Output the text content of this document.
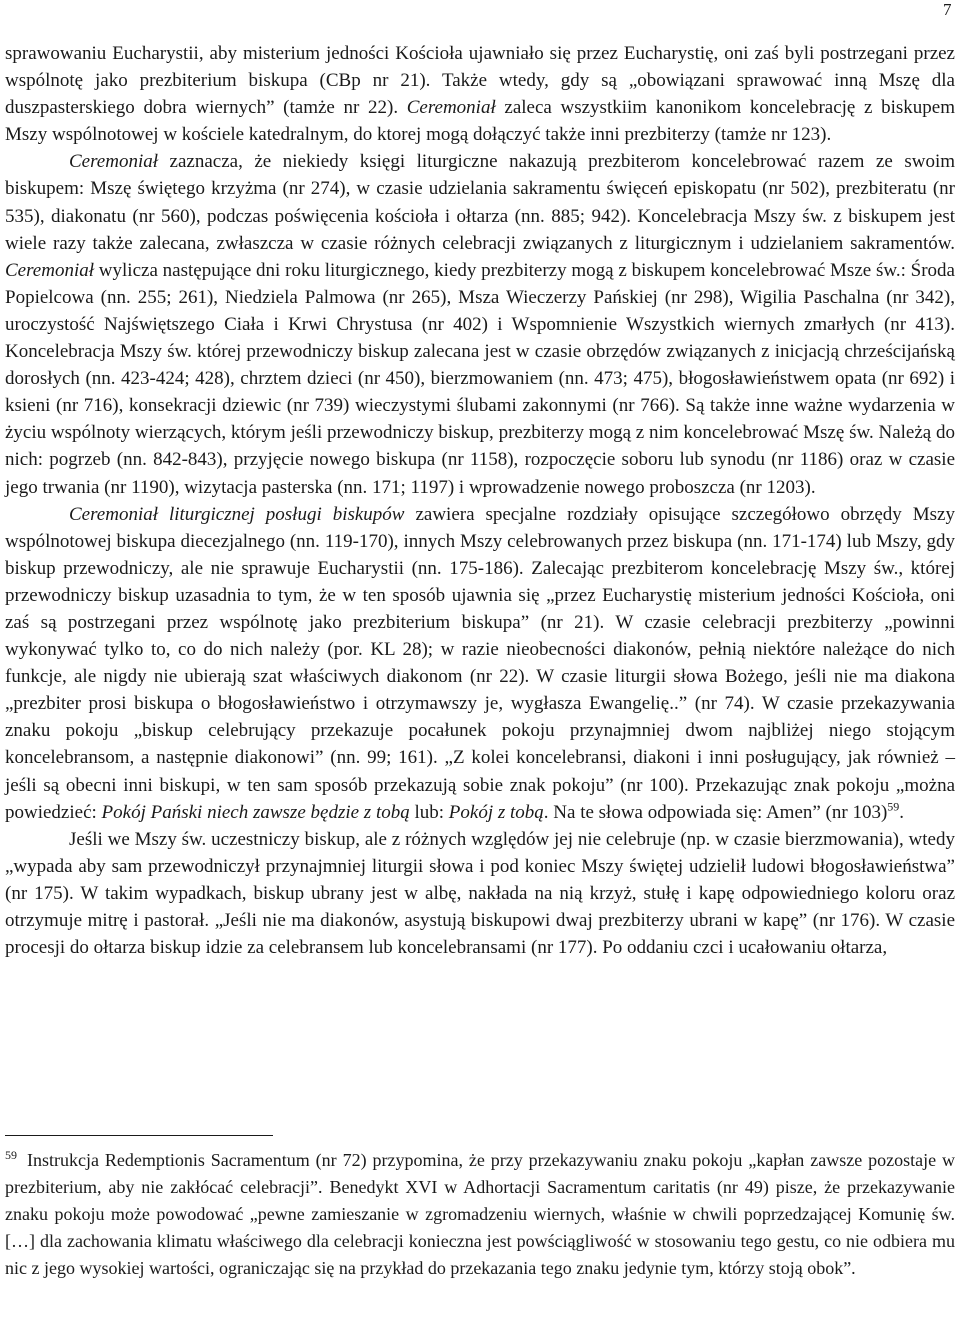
7

sprawowaniu Eucharystii, aby misterium jedności Kościoła ujawniało się przez Eucharystię, oni zaś byli postrzegani przez wspólnotę jako prezbiterium biskupa (CBp nr 21). Także wtedy, gdy są „obowiązani sprawować inną Mszę dla duszpasterskiego dobra wiernych” (tamże nr 22). Ceremoniał zaleca wszystkiim kanonikom koncelebrację z biskupem Mszy wspólnotowej w kościele katedralnym, do ktorej mogą dołączyć także inni prezbiterzy (tamże nr 123).

Ceremoniał zaznacza, że niekiedy księgi liturgiczne nakazują prezbiterom koncelebrować razem ze swoim biskupem: Mszę świętego krzyżma (nr 274), w czasie udzielania sakramentu święceń episkopatu (nr 502), prezbiteratu (nr 535), diakonatu (nr 560), podczas poświęcenia kościoła i ołtarza (nn. 885; 942). Koncelebracja Mszy św. z biskupem jest wiele razy także zalecana, zwłaszcza w czasie różnych celebracji związanych z liturgicznym i udzielaniem sakramentów. Ceremoniał wylicza następujące dni roku liturgicznego, kiedy prezbiterzy mogą z biskupem koncelebrować Msze św.: Środa Popielcowa (nn. 255; 261), Niedziela Palmowa (nr 265), Msza Wieczerzy Pańskiej (nr 298), Wigilia Paschalna (nr 342), uroczystość Najświętszego Ciała i Krwi Chrystusa (nr 402) i Wspomnienie Wszystkich wiernych zmarłych (nr 413). Koncelebracja Mszy św. której przewodniczy biskup zalecana jest w czasie obrzędów związanych z inicjacją chrześcijańską dorosłych (nn. 423-424; 428), chrztem dzieci (nr 450), bierzmowaniem (nn. 473; 475), błogosławieństwem opata (nr 692) i ksieni (nr 716), konsekracji dziewic (nr 739) wieczystymi ślubami zakonnymi (nr 766). Są także inne ważne wydarzenia w życiu wspólnoty wierzących, którym jeśli przewodniczy biskup, prezbiterzy mogą z nim koncelebrować Mszę św. Należą do nich: pogrzeb (nn. 842-843), przyjęcie nowego biskupa (nr 1158), rozpoczęcie soboru lub synodu (nr 1186) oraz w czasie jego trwania (nr 1190), wizytacja pasterska (nn. 171; 1197) i wprowadzenie nowego proboszcza (nr 1203).

Ceremoniał liturgicznej posługi biskupów zawiera specjalne rozdziały opisujące szczegółowo obrzędy Mszy wspólnotowej biskupa diecezjalnego (nn. 119-170), innych Mszy celebrowanych przez biskupa (nn. 171-174) lub Mszy, gdy biskup przewodniczy, ale nie sprawuje Eucharystii (nn. 175-186). Zalecając prezbiterom koncelebrację Mszy św., której przewodniczy biskup uzasadnia to tym, że w ten sposób ujawnia się „przez Eucharystię misterium jedności Kościoła, oni zaś są postrzegani przez wspólnotę jako prezbiterium biskupa” (nr 21). W czasie celebracji prezbiterzy „powinni wykonywać tylko to, co do nich należy (por. KL 28); w razie nieobecności diakonów, pełnią niektóre należące do nich funkcje, ale nigdy nie ubierają szat właściwych diakonom (nr 22). W czasie liturgii słowa Bożego, jeśli nie ma diakona „prezbiter prosi biskupa o błogosławieństwo i otrzymawszy je, wygłasza Ewangelię..” (nr 74). W czasie przekazywania znaku pokoju „biskup celebrujący przekazuje pocałunek pokoju przynajmniej dwom najbliżej niego stojącym koncelebransom, a następnie diakonowi” (nn. 99; 161). „Z kolei koncelebransi, diakoni i inni posługujący, jak również – jeśli są obecni inni biskupi, w ten sam sposób przekazują sobie znak pokoju” (nr 100). Przekazując znak pokoju „można powiedzieć: Pokój Pański niech zawsze będzie z tobą lub: Pokój z tobą. Na te słowa odpowiada się: Amen” (nr 103)$^{59}$.

Jeśli we Mszy św. uczestniczy biskup, ale z różnych względów jej nie celebruje (np. w czasie bierzmowania), wtedy „wypada aby sam przewodniczył przynajmniej liturgii słowa i pod koniec Mszy świętej udzielił ludowi błogosławieństwa” (nr 175). W takim wypadkach, biskup ubrany jest w albę, nakłada na nią krzyż, stułę i kapę odpowiedniego koloru oraz otrzymuje mitrę i pastorał. „Jeśli nie ma diakonów, asystują biskupowi dwaj prezbiterzy ubrani w kapę” (nr 176). W czasie procesji do ołtarza biskup idzie za celebransem lub koncelebransami (nr 177). Po oddaniu czci i ucałowaniu ołtarza,

$^{59}$ Instrukcja Redemptionis Sacramentum (nr 72) przypomina, że przy przekazywaniu znaku pokoju „kapłan zawsze pozostaje w prezbiterium, aby nie zakłócać celebracji”. Benedykt XVI w Adhortacji Sacramentum caritatis (nr 49) pisze, że przekazywanie znaku pokoju może powodować „pewne zamieszanie w zgromadzeniu wiernych, właśnie w chwili poprzedzającej Komunię św. […] dla zachowania klimatu właściwego dla celebracji konieczna jest powściągliwość w stosowaniu tego gestu, co nie odbiera mu nic z jego wysokiej wartości, ograniczając się na przykład do przekazania tego znaku jedynie tym, którzy stoją obok”.
